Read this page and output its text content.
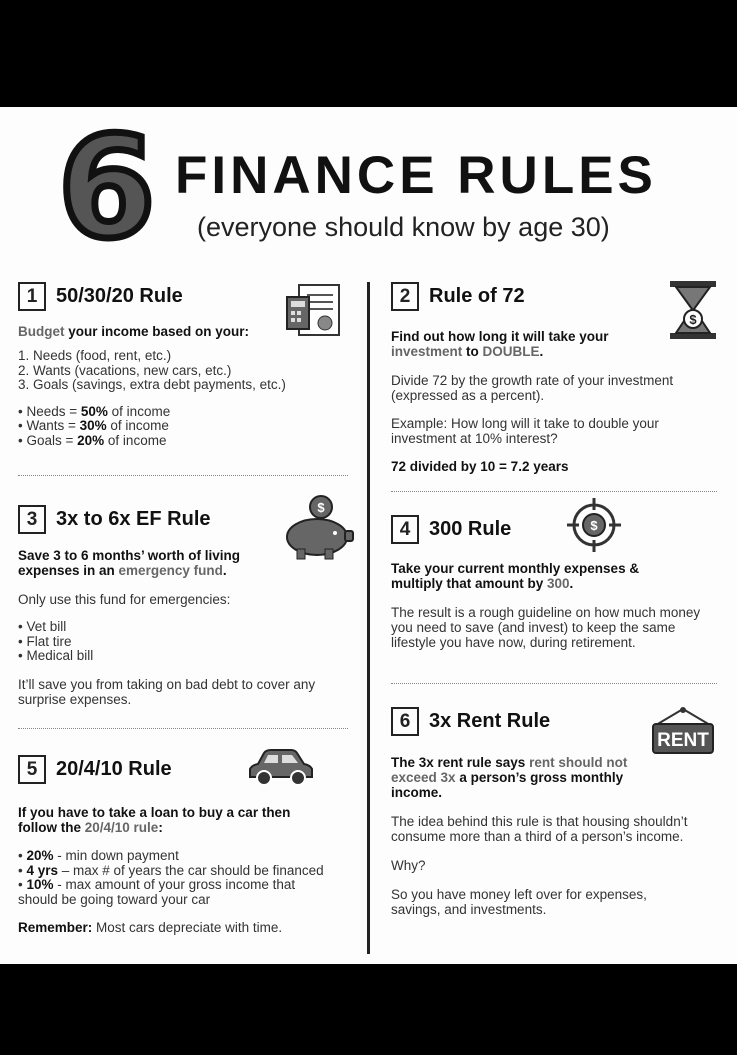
6 FINANCE RULES
(everyone should know by age 30)
1 50/30/20 Rule

Budget your income based on your:

1. Needs (food, rent, etc.)
2. Wants (vacations, new cars, etc.)
3. Goals (savings, extra debt payments, etc.)
• Needs = 50% of income
• Wants = 30% of income
• Goals = 20% of income
2 Rule of 72

Find out how long it will take your
investment to DOUBLE.

Divide 72 by the growth rate of your investment (expressed as a percent).

Example: How long will it take to double your investment at 10% interest?

72 divided by 10 = 7.2 years

$
3 3x to 6x EF Rule

Save 3 to 6 months’ worth of living expenses in an emergency fund.

Only use this fund for emergencies:

• Vet bill
• Flat tire
• Medical bill

It’ll save you from taking on bad debt to cover any surprise expenses.

$
4 300 Rule

Take your current monthly expenses & multiply that amount by 300.

The result is a rough guideline on how much money you need to save (and invest) to keep the same lifestyle you have now, during retirement.

$
5 20/4/10 Rule

If you have to take a loan to buy a car then follow the 20/4/10 rule:

• 20% - min down payment
• 4 yrs – max # of years the car should be financed
• 10% - max amount of your gross income that should be going toward your car

Remember: Most cars depreciate with time.

6 3x Rent Rule

The 3x rent rule says rent should not exceed 3x a person’s gross monthly income.

The idea behind this rule is that housing shouldn’t consume more than a third of a person’s income.

Why?

So you have money left over for expenses, savings, and investments.

RENT
